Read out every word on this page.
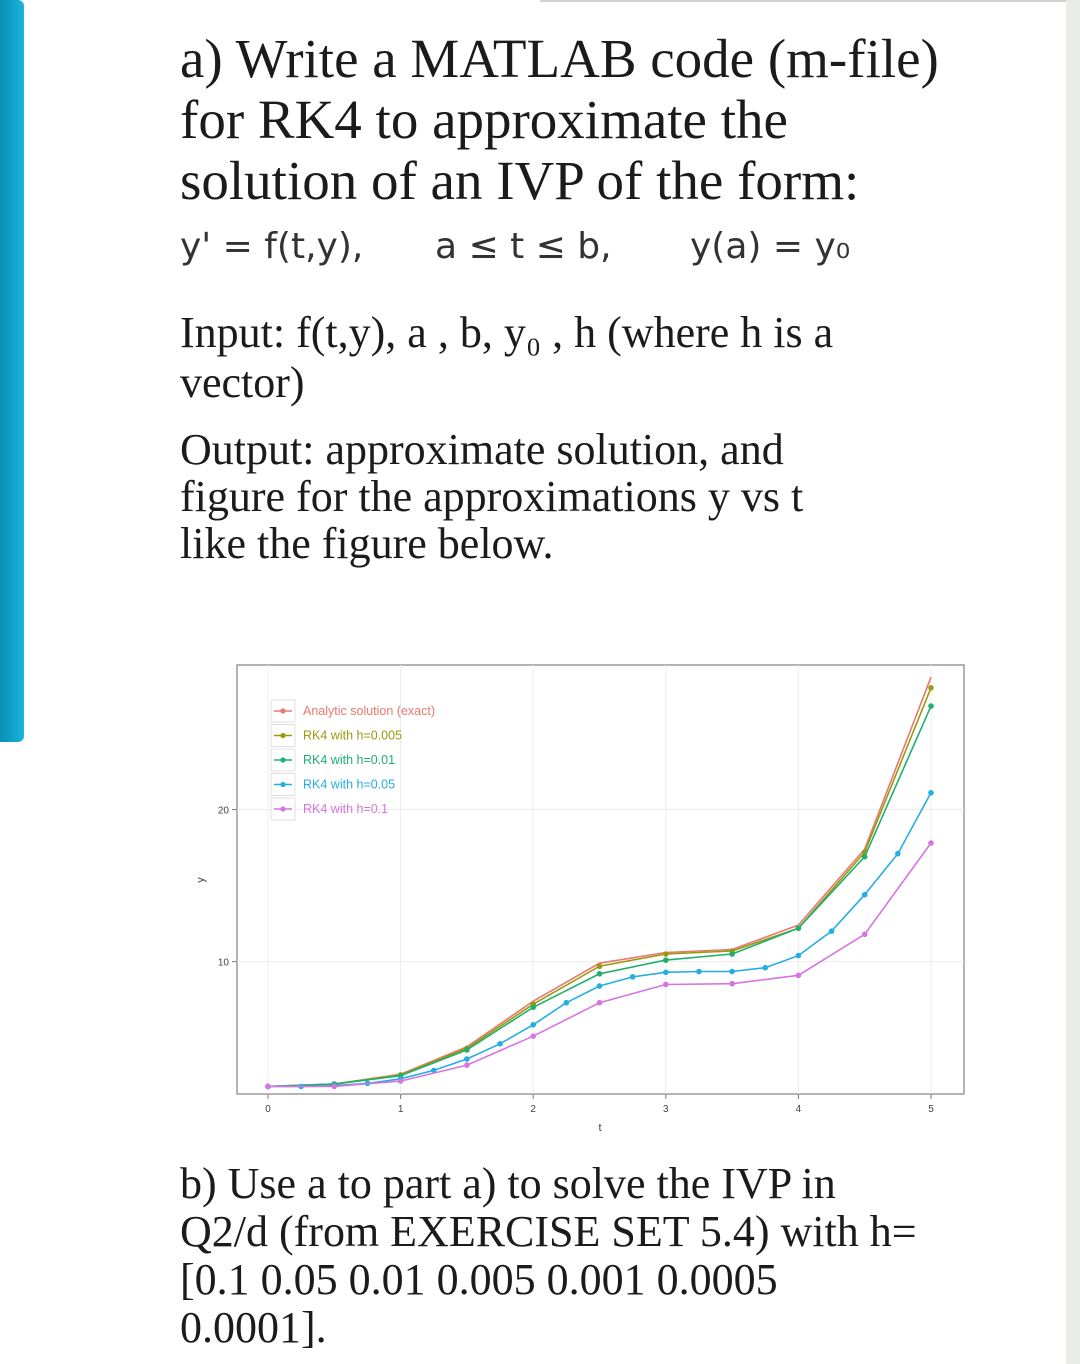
a) Write a MATLAB code (m-file)
for RK4 to approximate the
solution of an IVP of the form:
y' = f(t,y), a ≤ t ≤ b, y(a) = y₀
Input: f(t,y), a , b, y₀ , h (where h is a
vector)
Output: approximate solution, and
figure for the approximations y vs t
like the figure below.
0	1	2	3	4	5
10
20
Analytic solution (exact)
RK4 with h=0.005
RK4 with h=0.01
RK4 with h=0.05
RK4 with h=0.1
t
y
b) Use a to part a) to solve the IVP in
Q2/d (from EXERCISE SET 5.4) with h=
[0.1 0.05 0.01 0.005 0.001 0.0005
0.0001].
